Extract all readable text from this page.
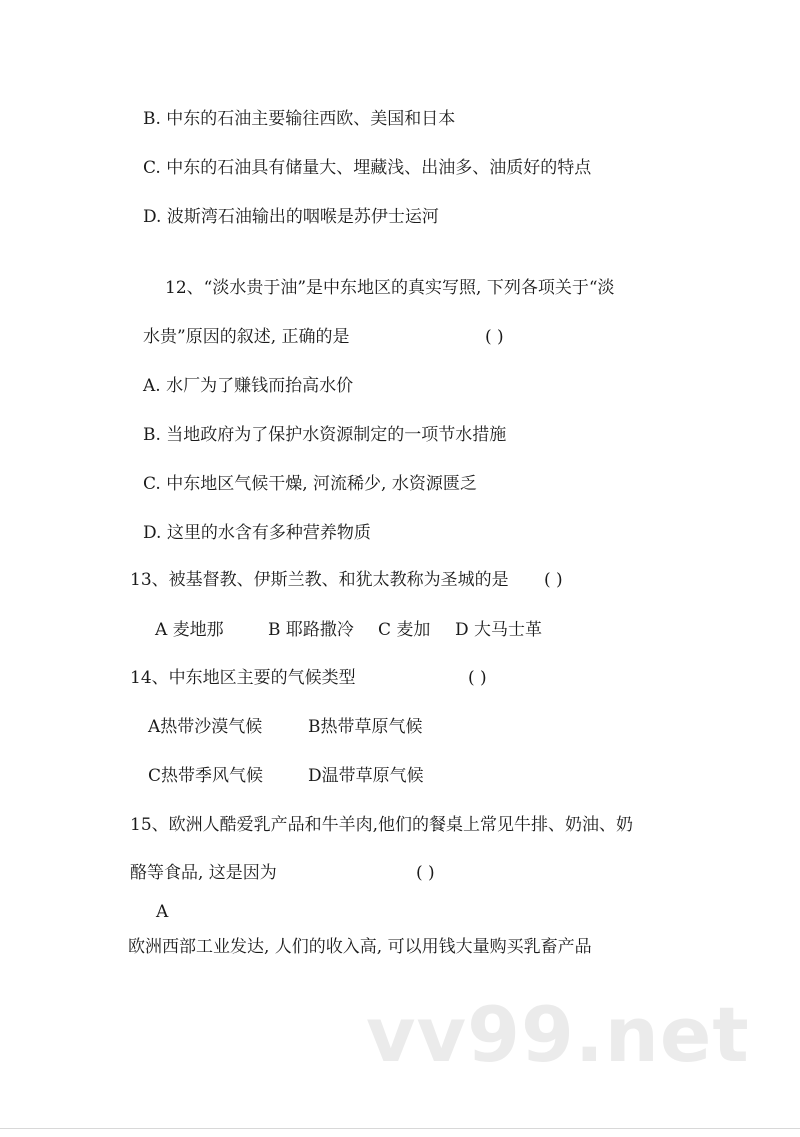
B. 中东的石油主要输往西欧、美国和日本
C. 中东的石油具有储量大、埋藏浅、出油多、油质好的特点
D. 波斯湾石油输出的咽喉是苏伊士运河
12、“淡水贵于油”是中东地区的真实写照, 下列各项关于“淡
水贵”原因的叙述, 正确的是	( )
A. 水厂为了赚钱而抬高水价
B. 当地政府为了保护水资源制定的一项节水措施
C. 中东地区气候干燥, 河流稀少, 水资源匮乏
D. 这里的水含有多种营养物质
13、被基督教、伊斯兰教、和犹太教称为圣城的是 ( )
A 麦地那	B 耶路撒冷 C 麦加 D 大马士革
14、中东地区主要的气候类型	( )
A热带沙漠气候	B热带草原气候
C热带季风气候	D温带草原气候
15、欧洲人酷爱乳产品和牛羊肉,他们的餐桌上常见牛排、奶油、奶
酪等食品, 这是因为	( )
A
欧洲西部工业发达, 人们的收入高, 可以用钱大量购买乳畜产品
vv99.net
